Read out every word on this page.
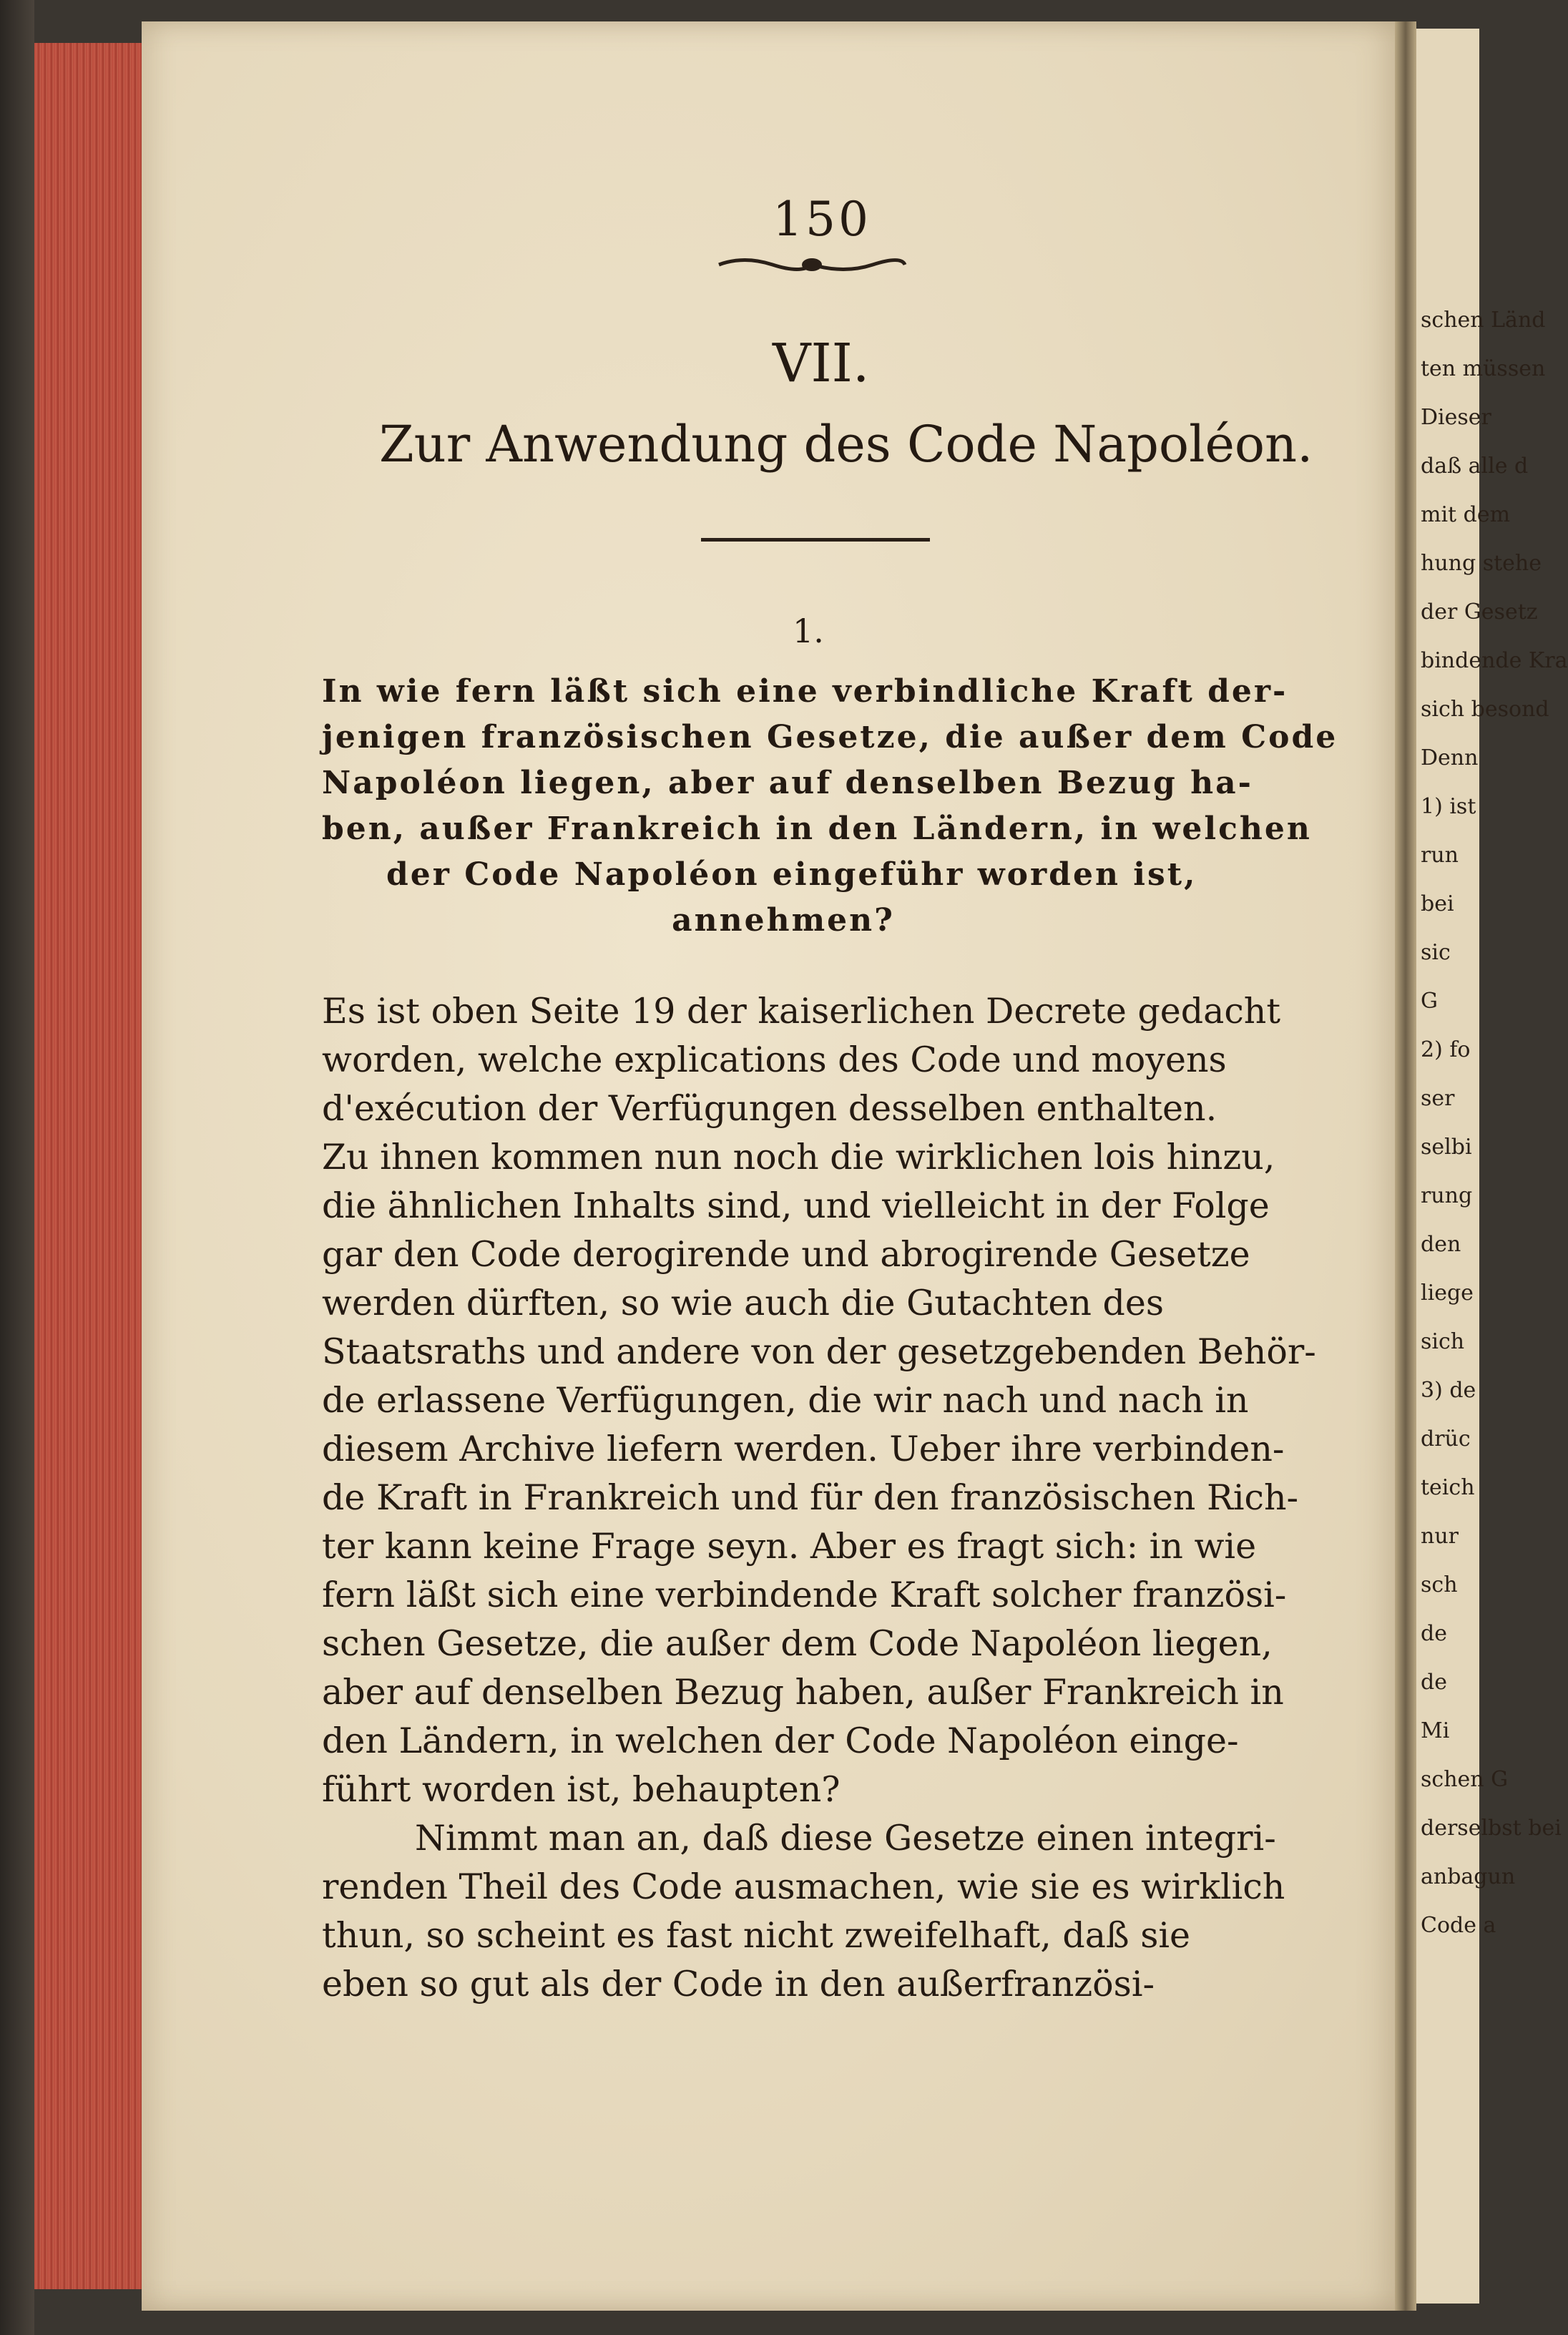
150
VII.
Zur Anwendung des Code Napoléon.
1.
In wie fern läßt sich eine verbindliche Kraft der-
jenigen französischen Gesetze, die außer dem Code
Napoléon liegen, aber auf denselben Bezug ha-
ben, außer Frankreich in den Ländern, in welchen
der Code Napoléon eingeführ worden ist,
annehmen?
Es ist oben Seite 19 der kaiserlichen Decrete gedacht
worden, welche explications des Code und moyens
d'exécution der Verfügungen desselben enthalten.
Zu ihnen kommen nun noch die wirklichen lois hinzu,
die ähnlichen Inhalts sind, und vielleicht in der Folge
gar den Code derogirende und abrogirende Gesetze
werden dürften, so wie auch die Gutachten des
Staatsraths und andere von der gesetzgebenden Behör-
de erlassene Verfügungen, die wir nach und nach in
diesem Archive liefern werden. Ueber ihre verbinden-
de Kraft in Frankreich und für den französischen Rich-
ter kann keine Frage seyn. Aber es fragt sich: in wie
fern läßt sich eine verbindende Kraft solcher französi-
schen Gesetze, die außer dem Code Napoléon liegen,
aber auf denselben Bezug haben, außer Frankreich in
den Ländern, in welchen der Code Napoléon einge-
führt worden ist, behaupten?
Nimmt man an, daß diese Gesetze einen integri-
renden Theil des Code ausmachen, wie sie es wirklich
thun, so scheint es fast nicht zweifelhaft, daß sie
eben so gut als der Code in den außerfranzösi-
schen Länd
ten müssen
Dieser
daß alle d
mit dem
hung stehe
der Gesetz
bindende Kra
sich besond
Denn
1) ist
run
bei
sic
G
2) fo
ser
selbi
rung
den
liege
sich
3) de
drüc
teich
nur
sch
de
de
Mi
schen G
derselbst bei
anbagun
Code a
